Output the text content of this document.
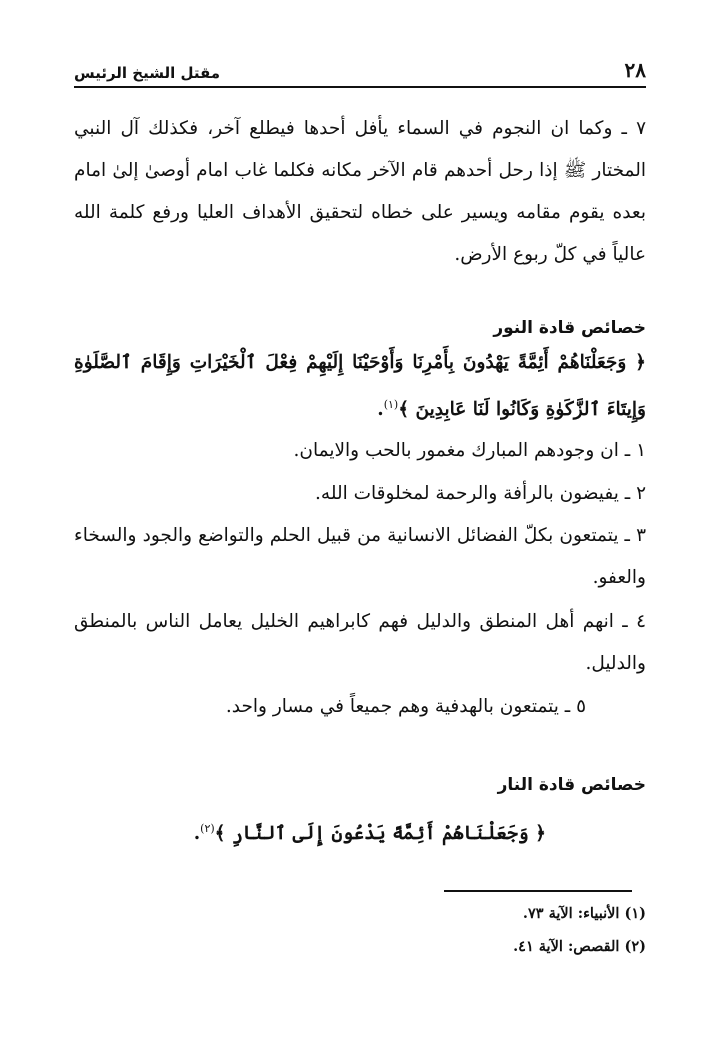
٢٨
مقتل الشيخ الرئيس

٧ ـ وكما ان النجوم في السماء يأفل أحدها فيطلع آخر، فكذلك آل النبي المختار ﷺ إذا رحل أحدهم قام الآخر مكانه فكلما غاب امام أوصىٰ إلىٰ امام بعده يقوم مقامه ويسير على خطاه لتحقيق الأهداف العليا ورفع كلمة الله عالياً في كلّ ربوع الأرض.

خصائص قادة النور
﴿ وَجَعَلْنَاهُمْ أَئِمَّةً يَهْدُونَ بِأَمْرِنَا وَأَوْحَيْنَا إِلَيْهِمْ فِعْلَ ٱلْخَيْرَاتِ وَإِقَامَ ٱلصَّلَوٰةِ وَإِيتَاءَ ٱلزَّكَوٰةِ وَكَانُوا لَنَا عَابِدِينَ ﴾$^{(١)}$.
١ ـ ان وجودهم المبارك مغمور بالحب والايمان.
٢ ـ يفيضون بالرأفة والرحمة لمخلوقات الله.
٣ ـ يتمتعون بكلّ الفضائل الانسانية من قبيل الحلم والتواضع والجود والسخاء والعفو.
٤ ـ انهم أهل المنطق والدليل فهم كابراهيم الخليل يعامل الناس بالمنطق والدليل.
٥ ـ يتمتعون بالهدفية وهم جميعاً في مسار واحد.
خصائص قادة النار
﴿ وَجَعَلْنَاهُمْ أَئِمَّةً يَدْعُونَ إِلَى ٱلنَّارِ ﴾$^{(٢)}$.
(١) الأنبياء: الآية ٧٣.
(٢) القصص: الآية ٤١.
